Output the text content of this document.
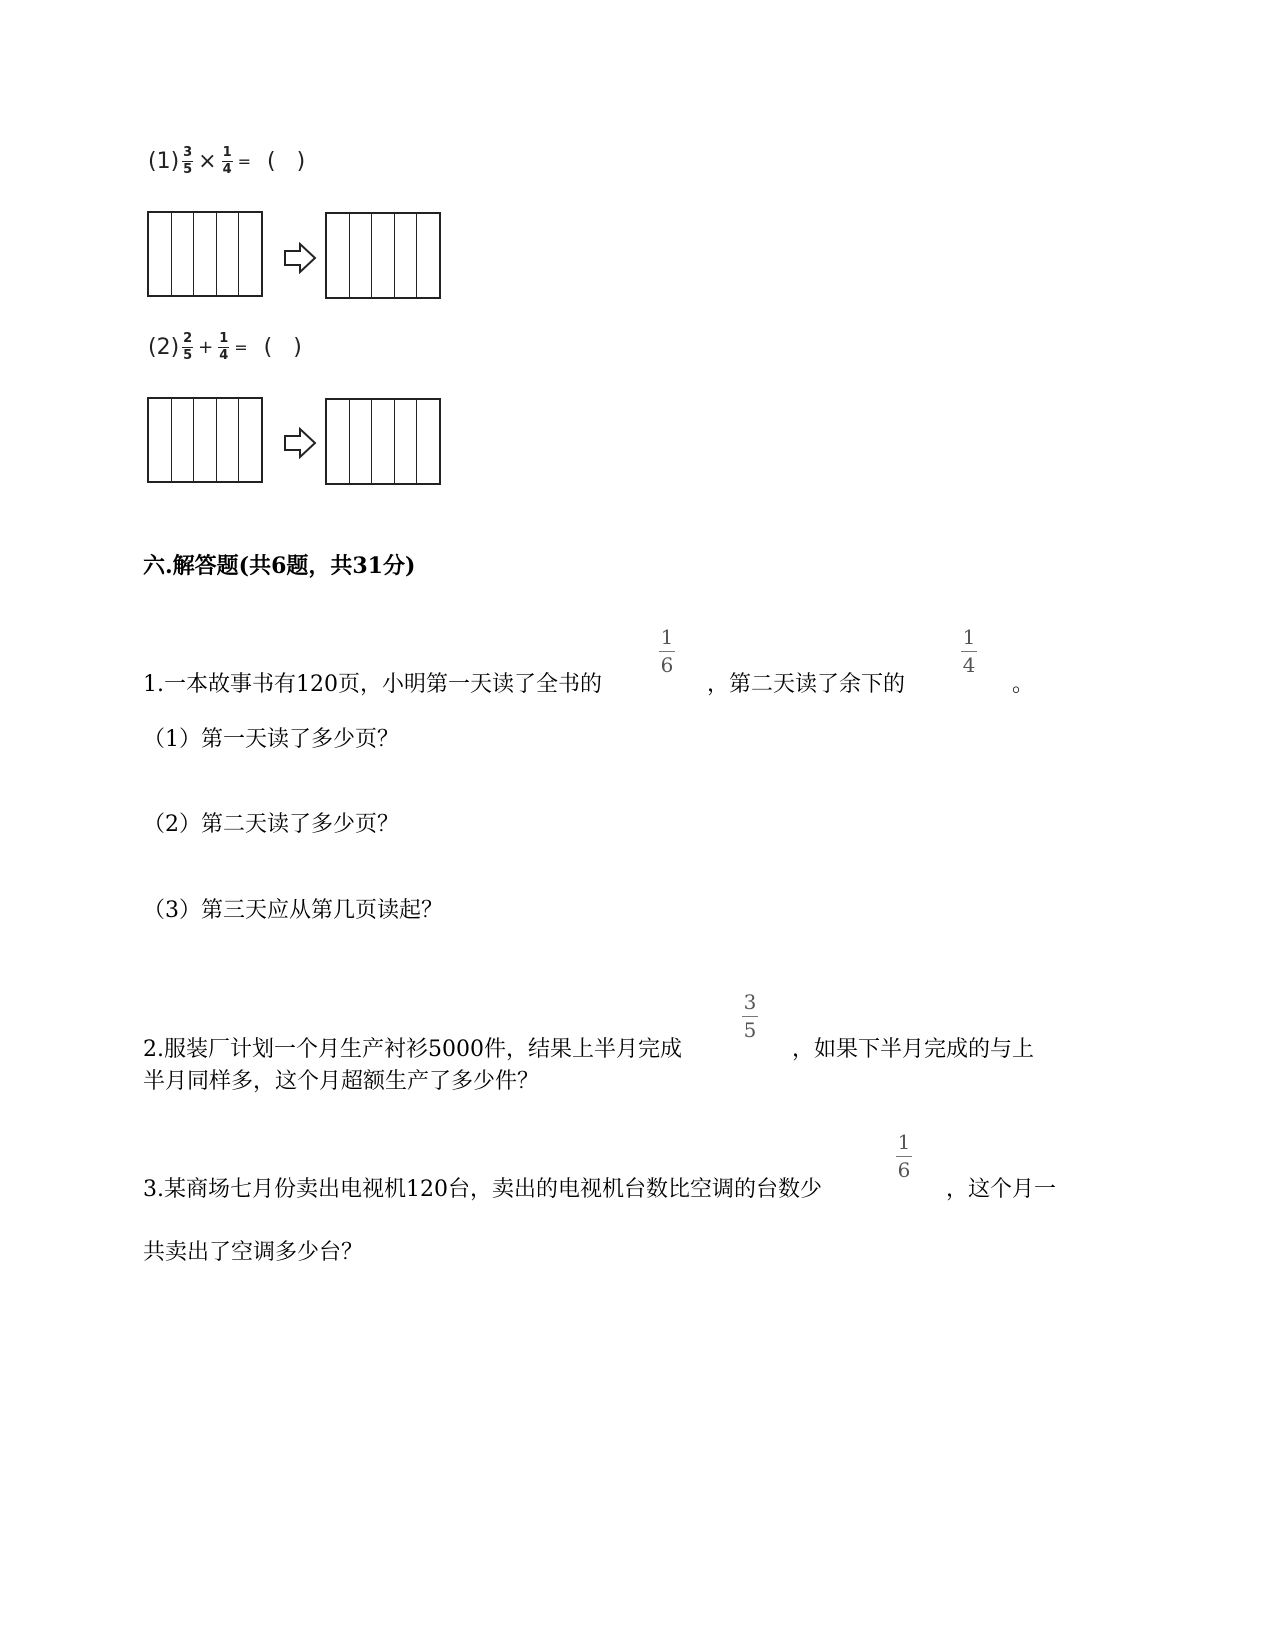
(1) 3
5 × 1
4 = (   )
(2) 2
5 + 1
4 = (   )
六.解答题(共6题，共31分)
1.一本故事书有120页，小明第一天读了全书的
1
6
，第二天读了余下的
1
4
。
（1）第一天读了多少页？
（2）第二天读了多少页？
（3）第三天应从第几页读起？
2.服装厂计划一个月生产衬衫5000件，结果上半月完成
3
5
，如果下半月完成的与上
半月同样多，这个月超额生产了多少件？
3.某商场七月份卖出电视机120台，卖出的电视机台数比空调的台数少
1
6
，这个月一
共卖出了空调多少台？
